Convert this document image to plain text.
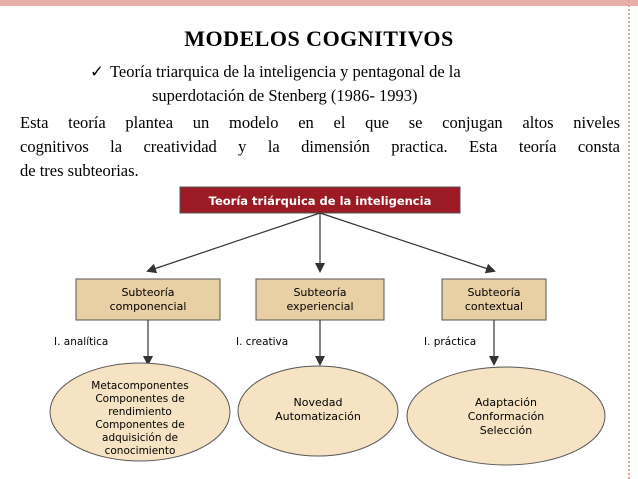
MODELOS COGNITIVOS
✓ Teoría triarquica de la inteligencia y pentagonal de la
superdotación de Stenberg (1986- 1993)
Esta teoría plantea un modelo en el que se conjugan altos niveles
cognitivos la creatividad y la dimensión practica. Esta teoría consta
de tres subteorias.
Teoría triárquica de la inteligencia
Subteoría
componencial
Subteoría
experiencial
Subteoría
contextual
I. analítica	I. creativa	I. práctica
Metacomponentes
Componentes de
rendimiento
Componentes de
adquisición de
conocimiento
Novedad
Automatización
Adaptación
Conformación
Selección
